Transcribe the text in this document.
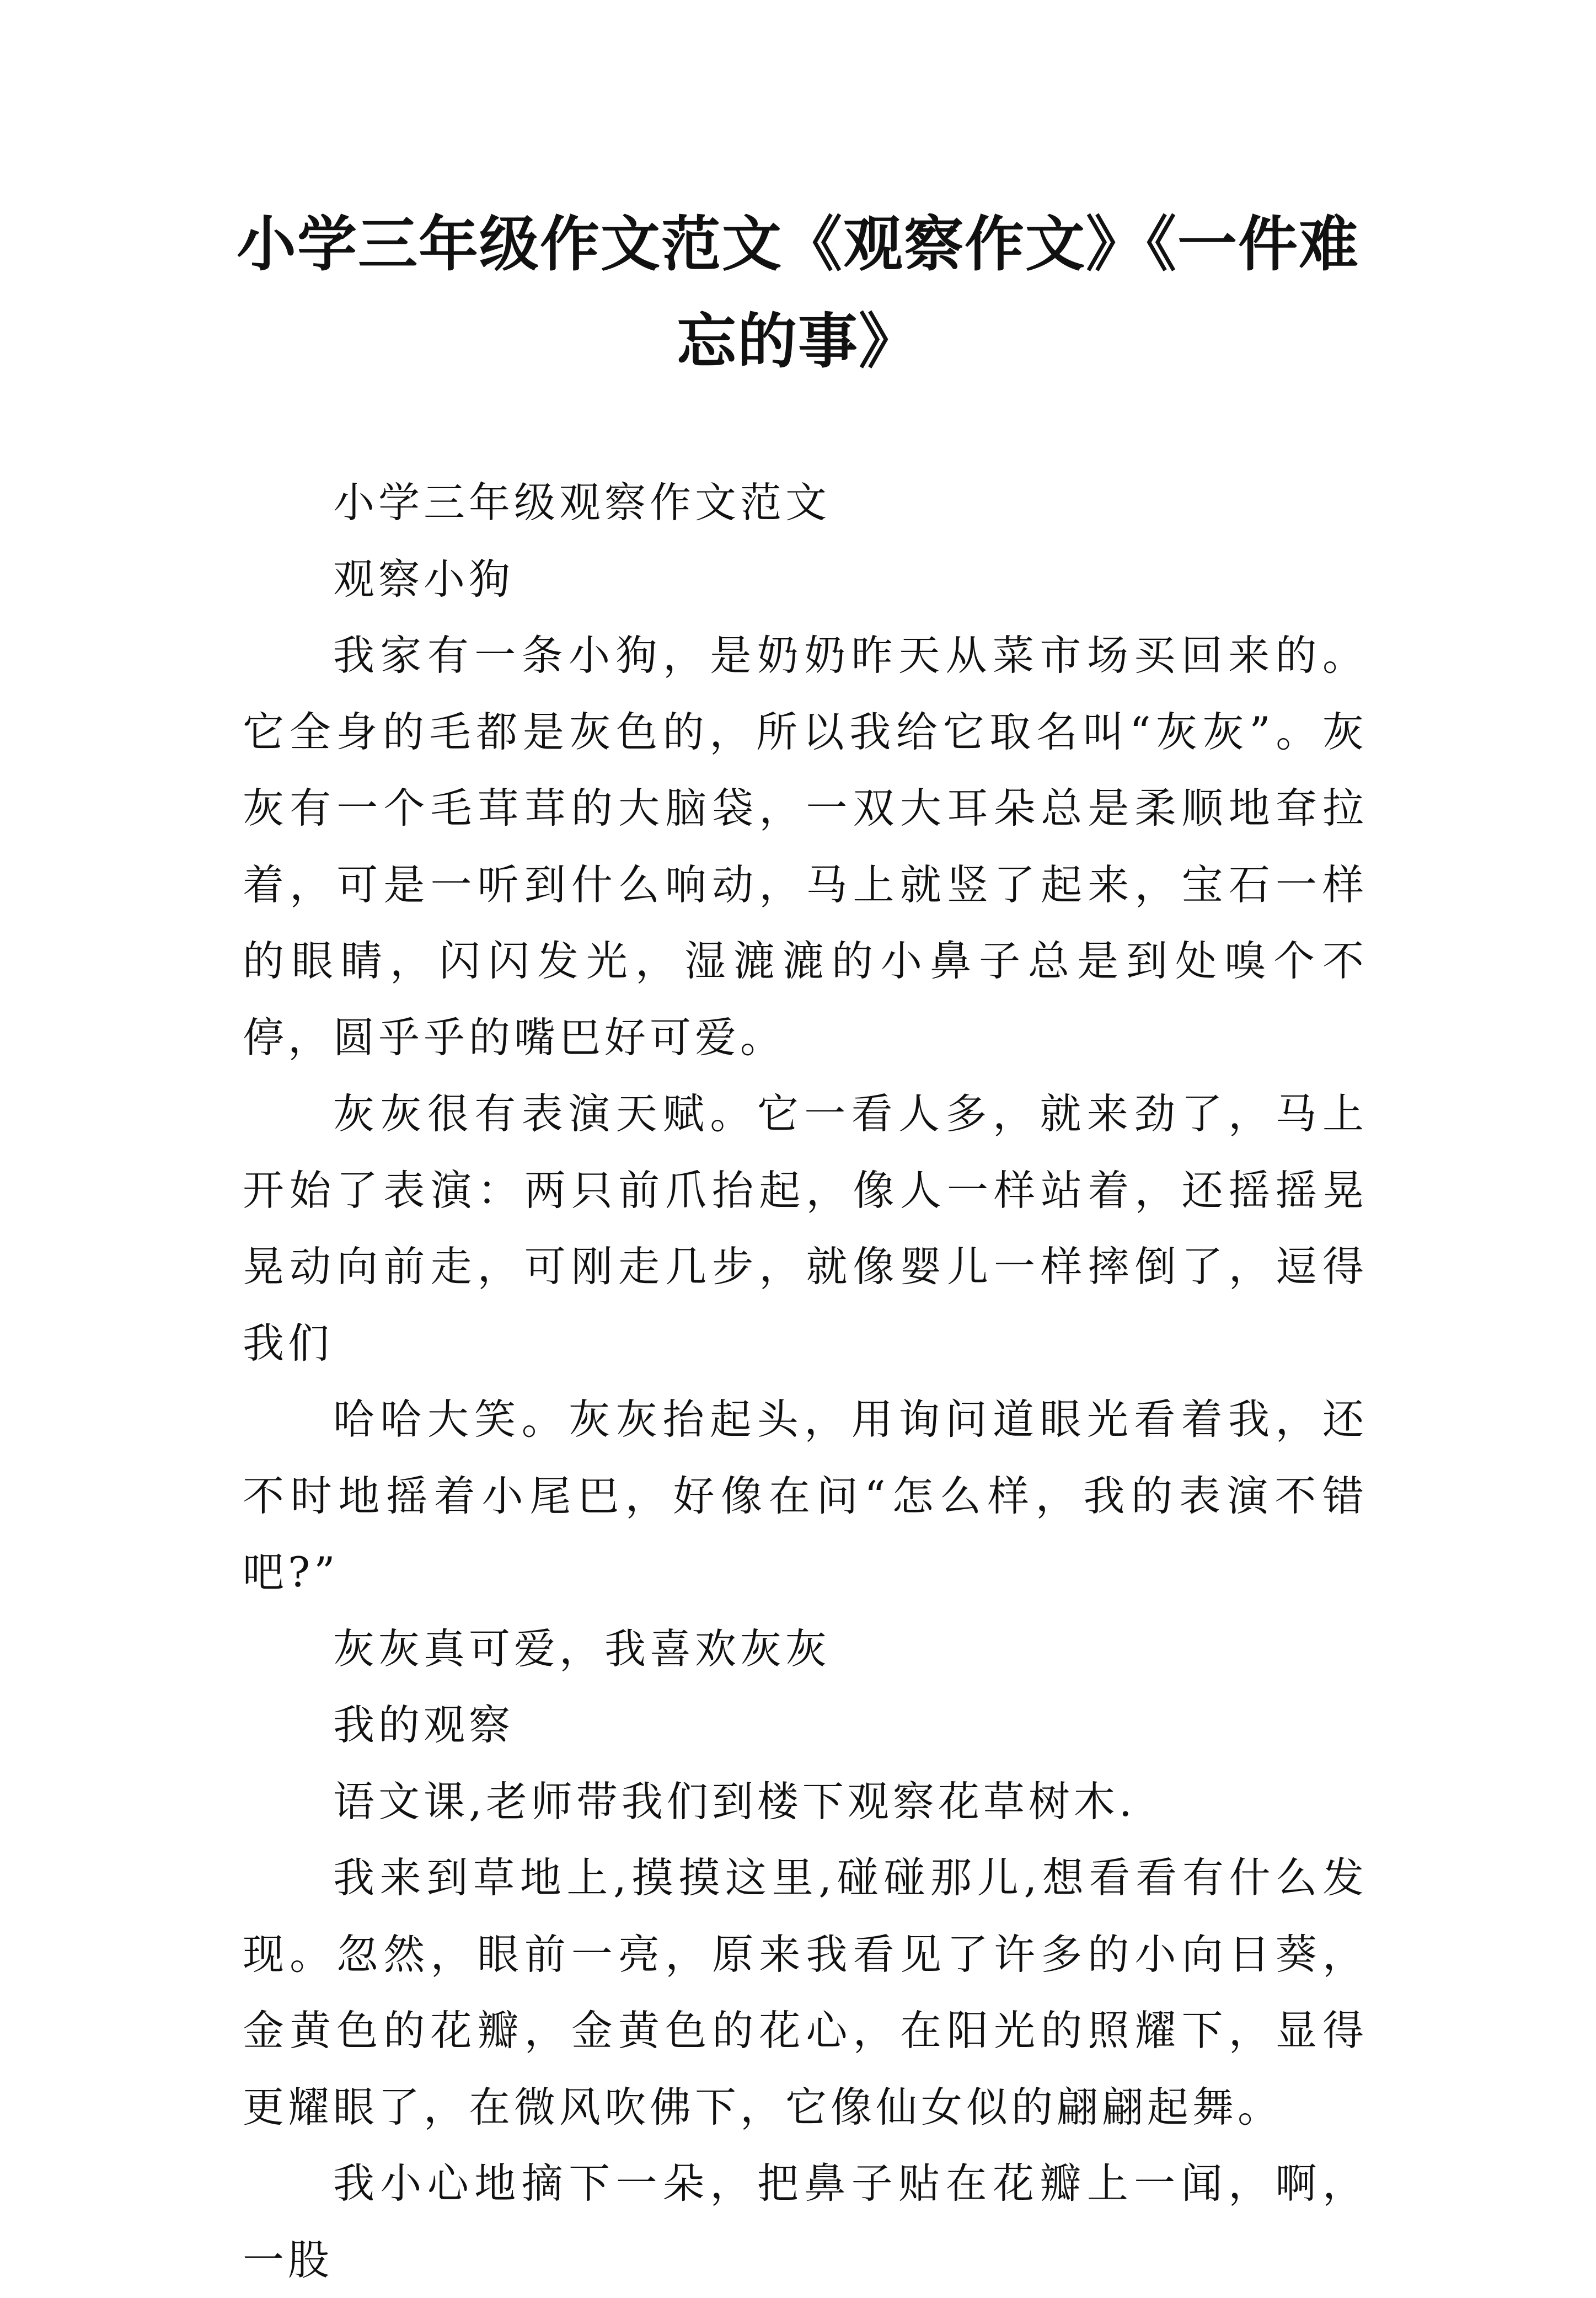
小学三年级作文范文《观察作文》《一件难
忘的事》

小学三年级观察作文范文

观察小狗

我家有一条小狗，是奶奶昨天从菜市场买回来的。它全身的毛都是灰色的，所以我给它取名叫“灰灰”。灰灰有一个毛茸茸的大脑袋，一双大耳朵总是柔顺地耷拉着，可是一听到什么响动，马上就竖了起来，宝石一样的眼睛，闪闪发光，湿漉漉的小鼻子总是到处嗅个不停，圆乎乎的嘴巴好可爱。

灰灰很有表演天赋。它一看人多，就来劲了，马上开始了表演：两只前爪抬起，像人一样站着，还摇摇晃晃动向前走，可刚走几步，就像婴儿一样摔倒了，逗得我们

哈哈大笑。灰灰抬起头，用询问道眼光看着我，还不时地摇着小尾巴，好像在问“怎么样，我的表演不错吧?”

灰灰真可爱，我喜欢灰灰

我的观察

语文课,老师带我们到楼下观察花草树木.

我来到草地上,摸摸这里,碰碰那儿,想看看有什么发现。忽然，眼前一亮，原来我看见了许多的小向日葵，金黄色的花瓣，金黄色的花心，在阳光的照耀下，显得更耀眼了，在微风吹佛下，它像仙女似的翩翩起舞。

我小心地摘下一朵，把鼻子贴在花瓣上一闻，啊，一股
